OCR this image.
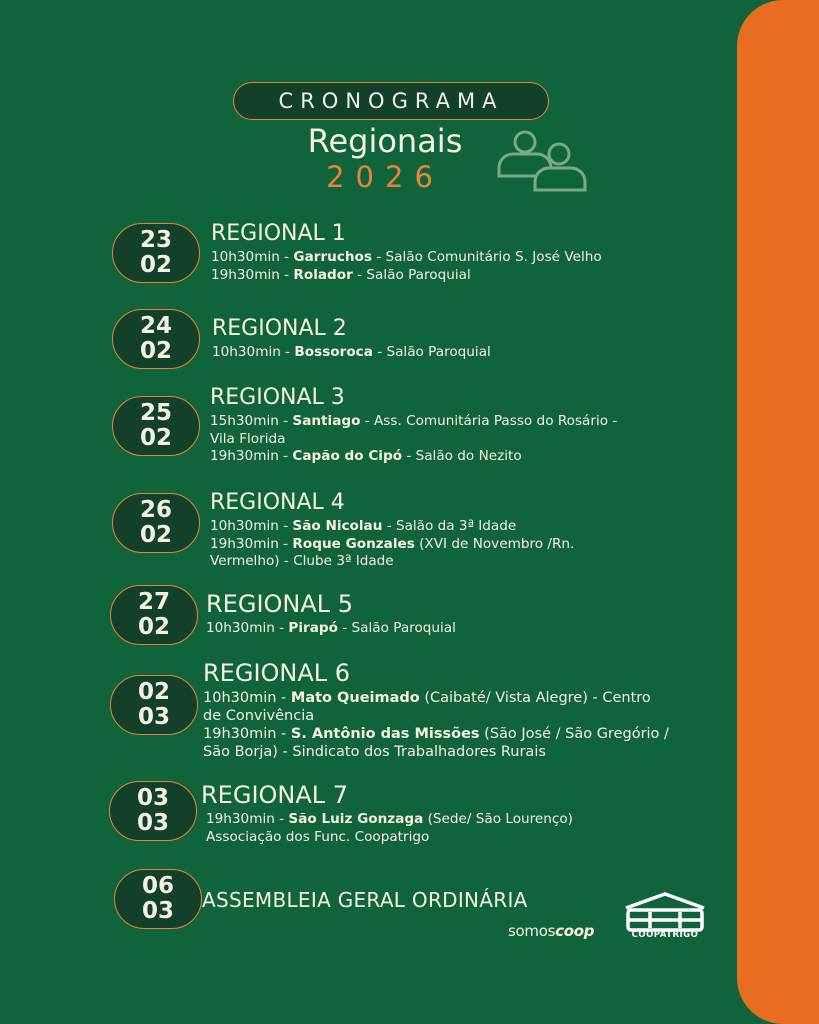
CRONOGRAMA
Regionais
2026
23
02
REGIONAL 1
10h30min - Garruchos - Salão Comunitário S. José Velho
19h30min - Rolador - Salão Paroquial
24
02
REGIONAL 2
10h30min - Bossoroca - Salão Paroquial
25
02
REGIONAL 3
15h30min - Santiago - Ass. Comunitária Passo do Rosário -
Vila Florida
19h30min - Capão do Cipó - Salão do Nezito
26
02
REGIONAL 4
10h30min - São Nicolau - Salão da 3ª Idade
19h30min - Roque Gonzales (XVI de Novembro /Rn.
Vermelho) - Clube 3ª Idade
27
02
REGIONAL 5
10h30min - Pirapó - Salão Paroquial
02
03
REGIONAL 6
10h30min - Mato Queimado (Caibaté/ Vista Alegre) - Centro
de Convivência
19h30min - S. Antônio das Missões (São José / São Gregório /
São Borja) - Sindicato dos Trabalhadores Rurais
03
03
REGIONAL 7
19h30min - São Luiz Gonzaga (Sede/ São Lourenço)
Associação dos Func. Coopatrigo
06
03 ASSEMBLEIA GERAL ORDINÁRIA
somoscoop	COOPATRIGO
